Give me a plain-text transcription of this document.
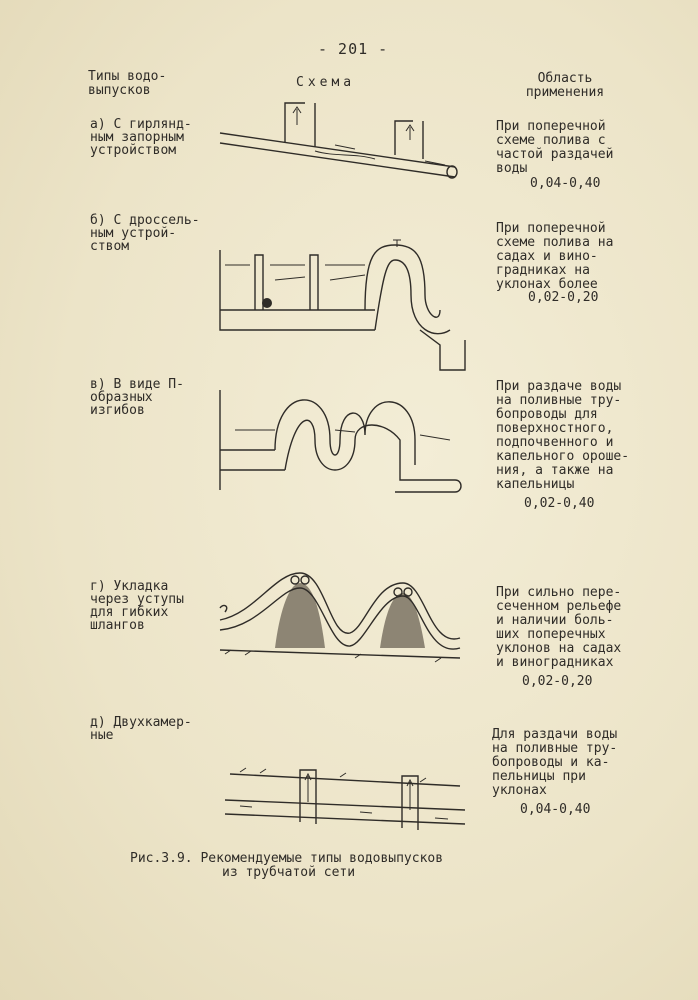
- 201 -
Типы водо-
выпусков
Схема	Область
применения
а) С гирлянд-
ным запорным
устройством
При поперечной
схеме полива с
частой раздачей
воды
0,04-0,40
б) С дроссель-
ным устрой-
ством
При поперечной
схеме полива на
садах и вино-
градниках на
уклонах более
0,02-0,20
в) В виде П-
образных
изгибов
При раздаче воды
на поливные тру-
бопроводы для
поверхностного,
подпочвенного и
капельного ороше-
ния, а также на
капельницы
0,02-0,40
г) Укладка
через уступы
для гибких
шлангов
При сильно пере-
сеченном рельефе
и наличии боль-
ших поперечных
уклонов на садах
и виноградниках
0,02-0,20
д) Двухкамер-
ные	Для раздачи воды
на поливные тру-
бопроводы и ка-
пельницы при
уклонах
0,04-0,40
Рис.3.9. Рекомендуемые типы водовыпусков
из трубчатой сети
